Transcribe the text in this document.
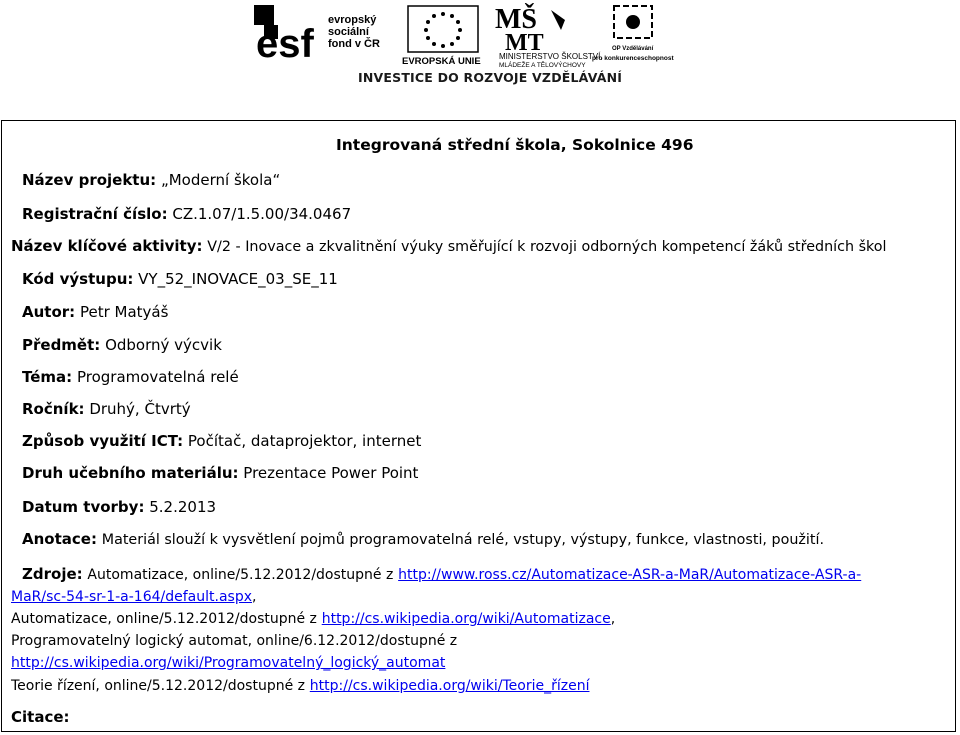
esf
evropský
sociální
fond v ČR
EVROPSKÁ UNIE
MŠ
MT
MINISTERSTVO ŠKOLSTVÍ,
MLÁDEŽE A TĚLOVÝCHOVY
OP Vzdělávání
pro konkurenceschopnost
INVESTICE DO ROZVOJE VZDĚLÁVÁNÍ
Integrovaná střední škola, Sokolnice 496
Název projektu: „Moderní škola“
Registrační číslo: CZ.1.07/1.5.00/34.0467
Název klíčové aktivity: V/2 - Inovace a zkvalitnění výuky směřující k rozvoji odborných kompetencí žáků středních škol
Kód výstupu: VY_52_INOVACE_03_SE_11
Autor: Petr Matyáš
Předmět: Odborný výcvik
Téma: Programovatelná relé
Ročník: Druhý, Čtvrtý
Způsob využití ICT: Počítač, dataprojektor, internet
Druh učebního materiálu: Prezentace Power Point
Datum tvorby: 5.2.2013
Anotace: Materiál slouží k vysvětlení pojmů programovatelná relé, vstupy, výstupy, funkce, vlastnosti, použití.
Zdroje: Automatizace, online/5.12.2012/dostupné z http://www.ross.cz/Automatizace-ASR-a-MaR/Automatizace-ASR-a-
MaR/sc-54-sr-1-a-164/default.aspx,
Automatizace, online/5.12.2012/dostupné z http://cs.wikipedia.org/wiki/Automatizace,
Programovatelný logický automat, online/6.12.2012/dostupné z
http://cs.wikipedia.org/wiki/Programovatelný_logický_automat
Teorie řízení, online/5.12.2012/dostupné z http://cs.wikipedia.org/wiki/Teorie_řízení
Citace:
